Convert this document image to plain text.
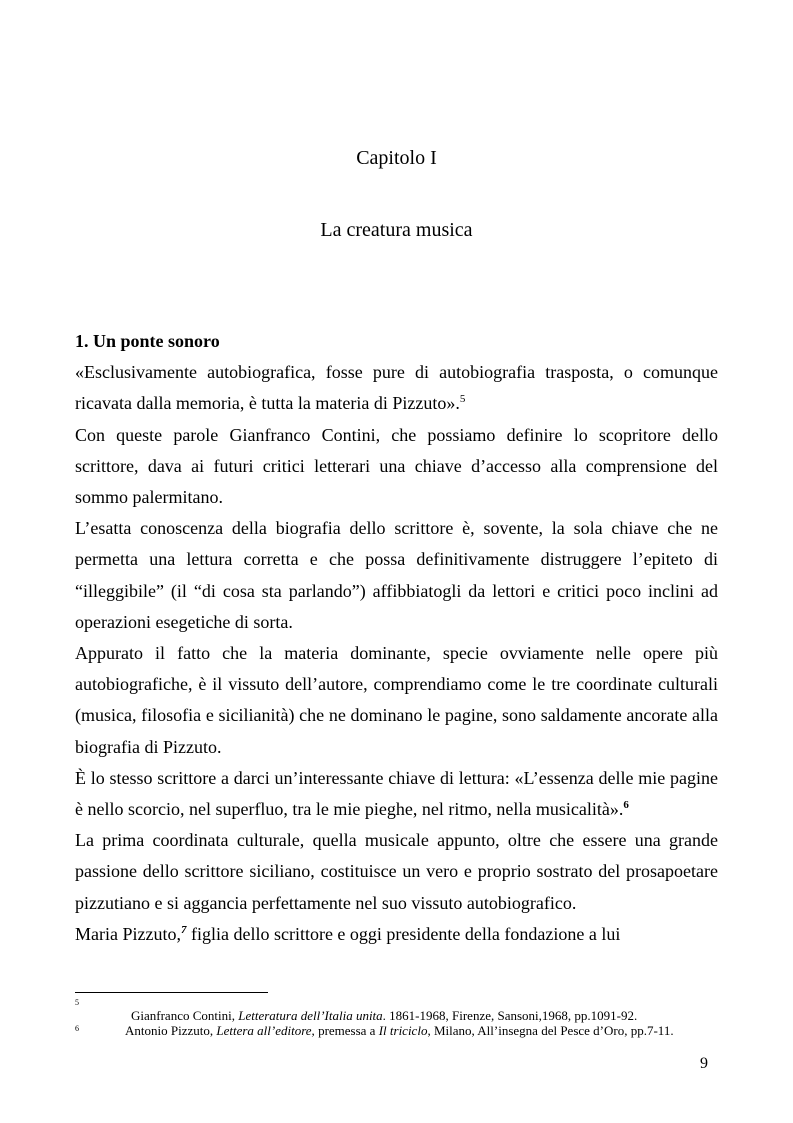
Capitolo I
La creatura musica

1. Un ponte sonoro

«Esclusivamente autobiografica, fosse pure di autobiografia trasposta, o comunque ricavata dalla memoria, è tutta la materia di Pizzuto».$^5$

Con queste parole Gianfranco Contini, che possiamo definire lo scopritore dello scrittore, dava ai futuri critici letterari una chiave d’accesso alla comprensione del sommo palermitano.

L’esatta conoscenza della biografia dello scrittore è, sovente, la sola chiave che ne permetta una lettura corretta e che possa definitivamente distruggere l’epiteto di “illeggibile” (il “di cosa sta parlando”) affibbiatogli da lettori e critici poco inclini ad operazioni esegetiche di sorta.

Appurato il fatto che la materia dominante, specie ovviamente nelle opere più autobiografiche, è il vissuto dell’autore, comprendiamo come le tre coordinate culturali (musica, filosofia e sicilianità) che ne dominano le pagine, sono saldamente ancorate alla biografia di Pizzuto.

È lo stesso scrittore a darci un’interessante chiave di lettura: «L’essenza delle mie pagine è nello scorcio, nel superfluo, tra le mie pieghe, nel ritmo, nella musicalità».$^6$

La prima coordinata culturale, quella musicale appunto, oltre che essere una grande passione dello scrittore siciliano, costituisce un vero e proprio sostrato del prosapoetare pizzutiano e si aggancia perfettamente nel suo vissuto autobiografico.

Maria Pizzuto,$^7$ figlia dello scrittore e oggi presidente della fondazione a lui

5
Gianfranco Contini, Letteratura dell’Italia unita. 1861-1968, Firenze, Sansoni,1968, pp.1091-92.
6	Antonio Pizzuto, Lettera all’editore, premessa a Il triciclo, Milano, All’insegna del Pesce d’Oro, pp.7-11.
9
